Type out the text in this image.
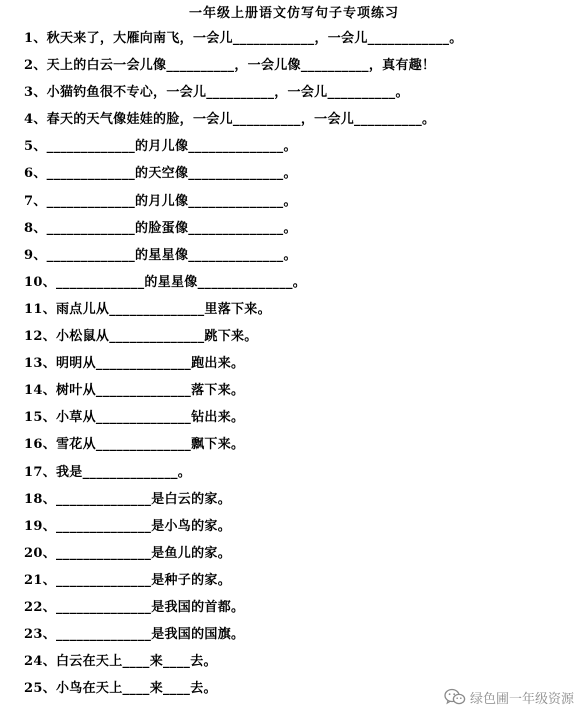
一年级上册语文仿写句子专项练习
1、秋天来了，大雁向南飞，一会儿____________，一会儿____________。
2、天上的白云一会儿像__________，一会儿像__________，真有趣！
3、小猫钓鱼很不专心，一会儿__________，一会儿__________。
4、春天的天气像娃娃的脸，一会儿__________，一会儿__________。
5、_____________的月儿像______________。
6、_____________的天空像______________。
7、_____________的月儿像______________。
8、_____________的脸蛋像______________。
9、_____________的星星像______________。
10、_____________的星星像______________。
11、雨点儿从______________里落下来。
12、小松鼠从______________跳下来。
13、明明从______________跑出来。
14、树叶从______________落下来。
15、小草从______________钻出来。
16、雪花从______________飘下来。
17、我是______________。
18、______________是白云的家。
19、______________是小鸟的家。
20、______________是鱼儿的家。
21、______________是种子的家。
22、______________是我国的首都。
23、______________是我国的国旗。
24、白云在天上____来____去。
25、小鸟在天上____来____去。
绿色圃一年级资源
